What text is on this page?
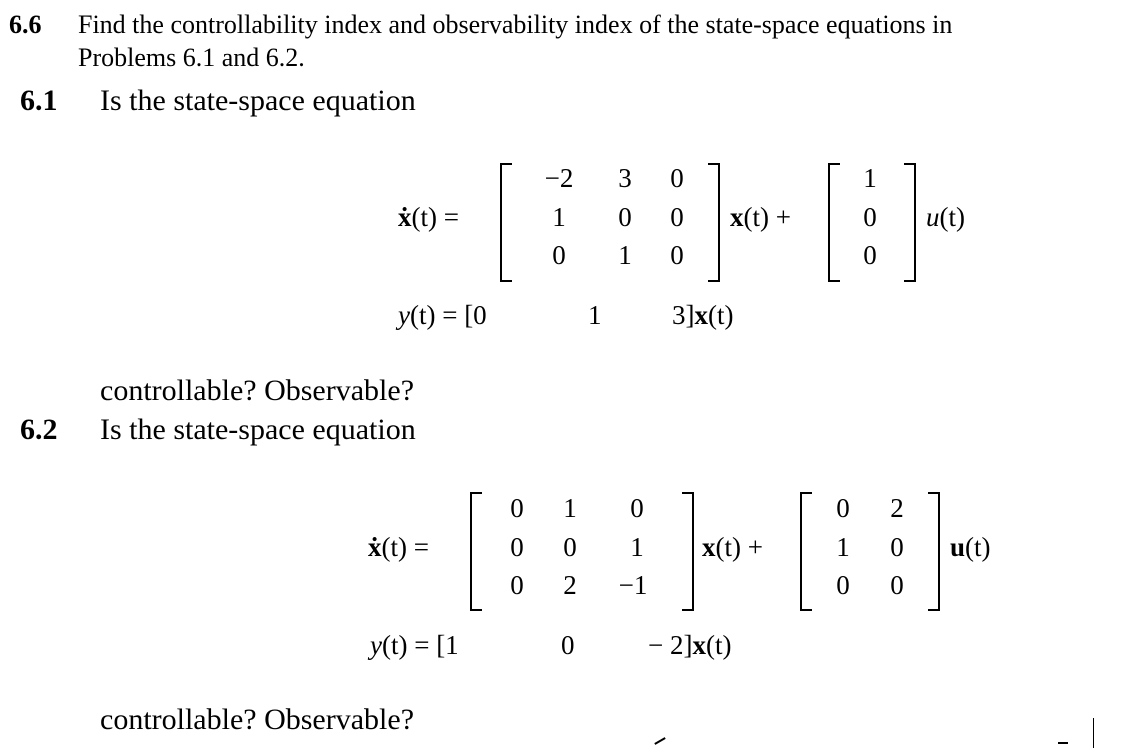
6.6 Find the controllability index and observability index of the state-space equations in
Problems 6.1 and 6.2.
6.1 Is the state-space equation
ẋ(t) =
−2	3	0
1	0	0
0	1	0
x(t) +
1
0
0
u(t)
y(t) = [0	1	3]x(t)
controllable? Observable?
6.2 Is the state-space equation
ẋ(t) =
0	1	0
0	0	1
0	2	−1
x(t) +
0	2
1	0
0	0
u(t)
y(t) = [1	0	− 2]x(t)
controllable? Observable?
